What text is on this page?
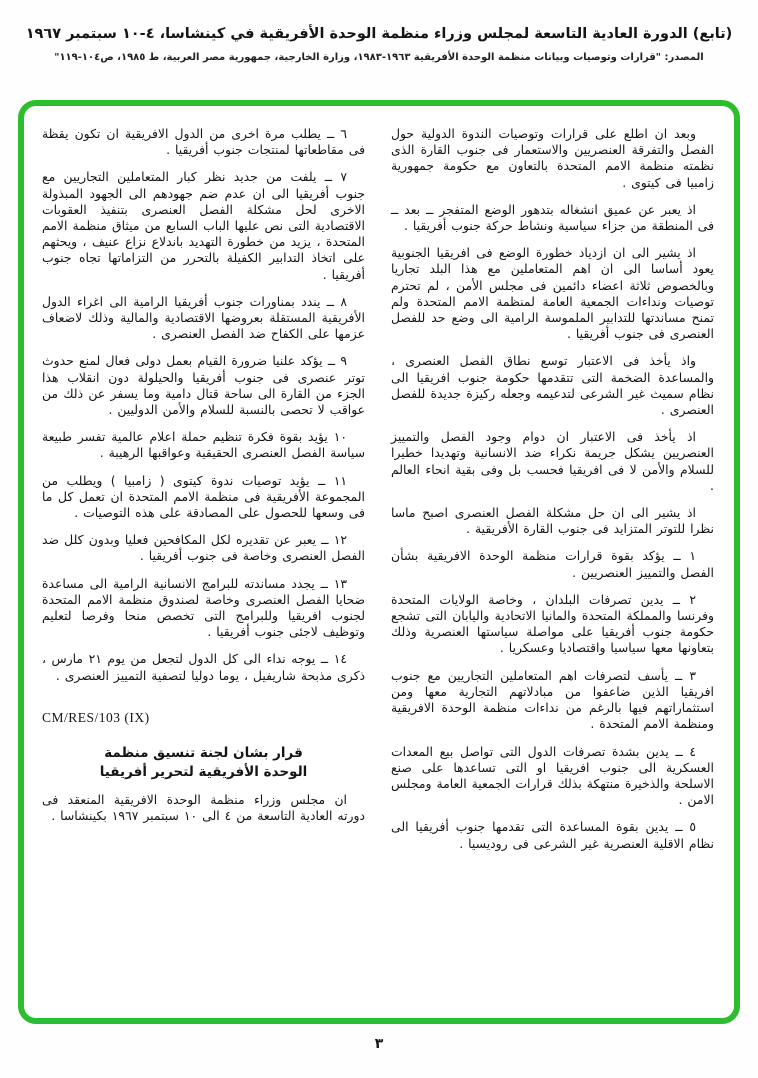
(تابع) الدورة العادية التاسعة لمجلس وزراء منظمة الوحدة الأفريقية في كينشاسا، ٤-١٠ سبتمبر ١٩٦٧
المصدر: "قرارات وتوصيات وبيانات منظمة الوحدة الأفريقية ١٩٦٣-١٩٨٣، وزارة الخارجية، جمهورية مصر العربية، ط ١٩٨٥، ص١٠٤-١١٩"

وبعد ان اطلع على قرارات وتوصيات الندوة الدولية حول الفصل والتفرقة العنصريين والاستعمار فى جنوب القارة الذى نظمته منظمة الامم المتحدة بالتعاون مع حكومة جمهورية زامبيا فى كيتوى .

اذ يعبر عن عميق انشغاله بتدهور الوضع المتفجر ــ بعد ــ فى المنطقة من جزاء سياسية ونشاط حركة جنوب أفريقيا .

اذ يشير الى ان ازدياد خطورة الوضع فى افريقيا الجنوبية يعود أساسا الى ان اهم المتعاملين مع هذا البلد تجاريا وبالخصوص ثلاثة اعضاء دائمين فى مجلس الأمن ، لم تحترم توصيات ونداءات الجمعية العامة لمنظمة الامم المتحدة ولم تمنح مساندتها للتدابير الملموسة الرامية الى وضع حد للفصل العنصرى فى جنوب أفريقيا .

واذ يأخذ فى الاعتبار توسع نطاق الفصل العنصرى ، والمساعدة الضخمة التى تتقدمها حكومة جنوب افريقيا الى نظام سميث غير الشرعى لتدعيمه وجعله ركيزة جديدة للفصل العنصرى .

اذ يأخذ فى الاعتبار ان دوام وجود الفصل والتمييز العنصريين يشكل جريمة نكراء ضد الانسانية وتهديدا خطيرا للسلام والأمن لا فى افريقيا فحسب بل وفى بقية انحاء العالم .

اذ يشير الى ان حل مشكلة الفصل العنصرى اصبح ماسا نظرا للتوتر المتزايد فى جنوب القارة الأفريقية .

١ ــ يؤكد بقوة قرارات منظمة الوحدة الافريقية بشأن الفصل والتمييز العنصريين .

٢ ــ يدين تصرفات البلدان ، وخاصة الولايات المتحدة وفرنسا والمملكة المتحدة والمانيا الاتحادية واليابان التى تشجع حكومة جنوب أفريقيا على مواصلة سياستها العنصرية وذلك بتعاونها معها سياسيا واقتصاديا وعسكريا .

٣ ــ يأسف لتصرفات اهم المتعاملين التجاريين مع جنوب افريقيا الذين ضاعفوا من مبادلاتهم التجارية معها ومن استثماراتهم فيها بالرغم من نداءات منظمة الوحدة الافريقية ومنظمة الامم المتحدة .

٤ ــ يدين بشدة تصرفات الدول التى تواصل بيع المعدات العسكرية الى جنوب افريقيا او التى تساعدها على صنع الاسلحة والذخيرة منتهكة بذلك قرارات الجمعية العامة ومجلس الامن .

٥ ــ يدين بقوة المساعدة التى تقدمها جنوب أفريقيا الى نظام الاقلية العنصرية غير الشرعى فى روديسيا .

٦ ــ يطلب مرة اخرى من الدول الافريقية ان تكون يقظة فى مقاطعاتها لمنتجات جنوب أفريقيا .

٧ ــ يلفت من جديد نظر كبار المتعاملين التجاريين مع جنوب أفريقيا الى ان عدم ضم جهودهم الى الجهود المبذولة الاخرى لحل مشكلة الفصل العنصرى بتنفيذ العقوبات الاقتصادية التى نص عليها الباب السابع من ميثاق منظمة الامم المتحدة ، يزيد من خطورة التهديد باندلاع نزاع عنيف ، ويحثهم على اتخاذ التدابير الكفيلة بالتحرر من التزاماتها تجاه جنوب أفريقيا .

٨ ــ يندد بمناورات جنوب أفريقيا الرامية الى اغراء الدول الأفريقية المستقلة بعروضها الاقتصادية والمالية وذلك لاضعاف عزمها على الكفاح ضد الفصل العنصرى .

٩ ــ يؤكد علنيا ضرورة القيام بعمل دولى فعال لمنع حدوث توتر عنصرى فى جنوب أفريقيا والحيلولة دون انقلاب هذا الجزء من القارة الى ساحة قتال دامية وما يسفر عن ذلك من عواقب لا تحصى بالنسبة للسلام والأمن الدوليين .

١٠ يؤيد بقوة فكرة تنظيم حملة اعلام عالمية تفسر طبيعة سياسة الفصل العنصرى الحقيقية وعواقبها الرهيبة .

١١ ــ يؤيد توصيات ندوة كيتوى ( زامبيا ) ويطلب من المجموعة الأفريقية فى منظمة الامم المتحدة ان تعمل كل ما فى وسعها للحصول على المصادقة على هذه التوصيات .

١٢ ــ يعبر عن تقديره لكل المكافحين فعليا وبدون كلل ضد الفصل العنصرى وخاصة فى جنوب أفريقيا .

١٣ ــ يجدد مساندته للبرامج الانسانية الرامية الى مساعدة ضحايا الفصل العنصرى وخاصة لصندوق منظمة الامم المتحدة لجنوب افريقيا وللبرامج التى تخصص منحا وفرصا لتعليم وتوظيف لاجئى جنوب أفريقيا .

١٤ ــ يوجه نداء الى كل الدول لتجعل من يوم ٢١ مارس ، ذكرى مذبحة شاريفيل ، يوما دوليا لتصفية التمييز العنصرى .

CM/RES/103 (IX)
قرار بشان لجنة تنسيق منظمة
الوحدة الأفريقية لتحرير أفريقيا

ان مجلس وزراء منظمة الوحدة الافريقية المنعقد فى دورته العادية التاسعة من ٤ الى ١٠ سبتمبر ١٩٦٧ بكينشاسا .

٣
